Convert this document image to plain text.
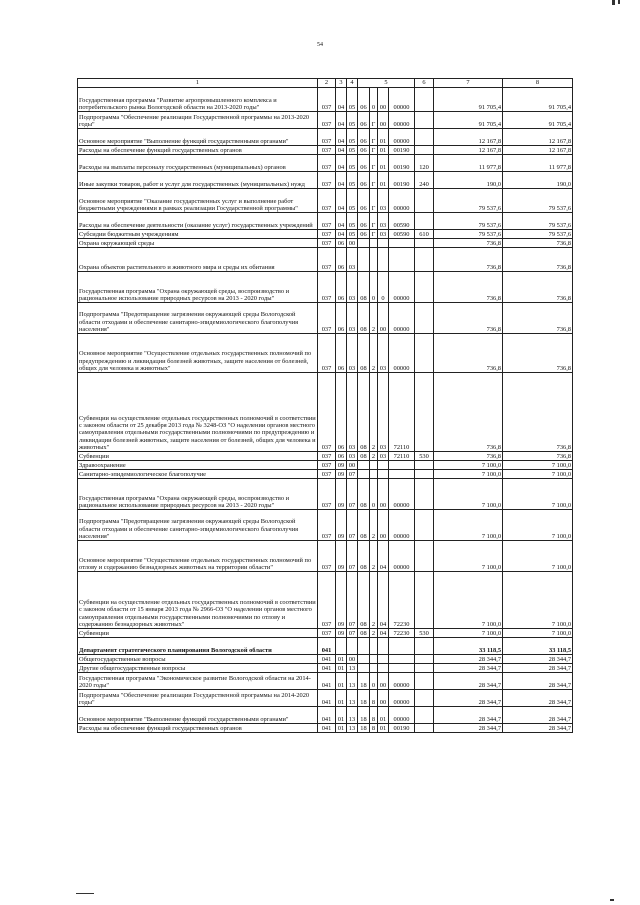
54
1	2	3	4	5				6	7	8
Государственная программа "Развитие агропромышленного комплекса и потребительского рынка Вологодской области на 2013-2020 годы"	037	04	05	06	0	00	00000		91 705,4	91 705,4
Подпрограмма "Обеспечение реализации Государственной программы на 2013-2020 годы"	037	04	05	06	Г	00	00000		91 705,4	91 705,4
Основное мероприятие "Выполнение функций государственными органами"	037	04	05	06	Г	01	00000		12 167,8	12 167,8
Расходы на обеспечение функций государственных органов	037	04	05	06	Г	01	00190		12 167,8	12 167,8
Расходы на выплаты персоналу государственных (муниципальных) органов	037	04	05	06	Г	01	00190	120	11 977,8	11 977,8
Иные закупки товаров, работ и услуг для государственных (муниципальных) нужд	037	04	05	06	Г	01	00190	240	190,0	190,0
Основное мероприятие "Оказание государственных услуг и выполнение работ бюджетными учреждениями в рамках реализации Государственной программы"	037	04	05	06	Г	03	00000		79 537,6	79 537,6
Расходы на обеспечение деятельности (оказание услуг) государственных учреждений	037	04	05	06	Г	03	00590		79 537,6	79 537,6
Субсидии бюджетным учреждениям	037	04	05	06	Г	03	00590	610	79 537,6	79 537,6
Охрана окружающей среды	037	06	00						736,8	736,8
Охрана объектов растительного и животного мира и среды их обитания	037	06	03						736,8	736,8
Государственная программа "Охрана окружающей среды, воспроизводство и рациональное использование природных ресурсов на 2013 - 2020 годы"	037	06	03	08	0	0	00000		736,8	736,8
Подпрограмма "Предотвращение загрязнения окружающей среды Вологодской области отходами и обеспечение санитарно-эпидемиологического благополучия населения"	037	06	03	08	2	00	00000		736,8	736,8
Основное мероприятие "Осуществление отдельных государственных полномочий по предупреждению и ликвидации болезней животных, защите населения от болезней, общих для человека и животных"	037	06	03	08	2	03	00000		736,8	736,8
Субвенции на осуществление отдельных государственных полномочий в соответствии с законом области от 25 декабря 2013 года № 3248-ОЗ "О наделении органов местного самоуправления отдельными государственными полномочиями по предупреждению и ликвидации болезней животных, защите населения от болезней, общих для человека и животных"	037	06	03	08	2	03	72110		736,8	736,8
Субвенции	037	06	03	08	2	03	72110	530	736,8	736,8
Здравоохранение	037	09	00						7 100,0	7 100,0
Санитарно-эпидемиологическое благополучие	037	09	07						7 100,0	7 100,0
Государственная программа "Охрана окружающей среды, воспроизводство и рациональное использование природных ресурсов на 2013 - 2020 годы"	037	09	07	08	0	00	00000		7 100,0	7 100,0
Подпрограмма "Предотвращение загрязнения окружающей среды Вологодской области отходами и обеспечение санитарно-эпидемиологического благополучия населения"	037	09	07	08	2	00	00000		7 100,0	7 100,0
Основное мероприятие "Осуществление отдельных государственных полномочий по отлову и содержанию безнадзорных животных на территории области"	037	09	07	08	2	04	00000		7 100,0	7 100,0
Субвенции на осуществление отдельных государственных полномочий в соответствии с законом области от 15 января 2013 года № 2966-ОЗ "О наделении органов местного самоуправления отдельными государственными полномочиями по отлову и содержанию безнадзорных животных"	037	09	07	08	2	04	72230		7 100,0	7 100,0
Субвенции	037	09	07	08	2	04	72230	530	7 100,0	7 100,0
Департамент стратегического планирования Вологодской области	041								33 118,5	33 118,5
Общегосударственные вопросы	041	01	00						28 344,7	28 344,7
Другие общегосударственные вопросы	041	01	13						28 344,7	28 344,7
Государственная программа "Экономическое развитие Вологодской области на 2014-2020 годы"	041	01	13	18	0	00	00000		28 344,7	28 344,7
Подпрограмма "Обеспечение реализации Государственной программы на 2014-2020 годы"	041	01	13	18	8	00	00000		28 344,7	28 344,7
Основное мероприятие "Выполнение функций государственными органами"	041	01	13	18	8	01	00000		28 344,7	28 344,7
Расходы на обеспечение функций государственных органов	041	01	13	18	8	01	00190		28 344,7	28 344,7
